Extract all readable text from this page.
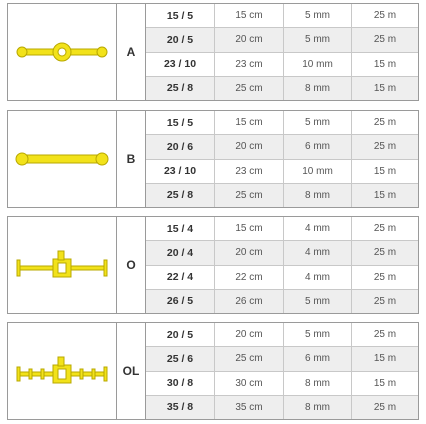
A
15 / 5	15 cm	5 mm	25 m
20 / 5	20 cm	5 mm	25 m
23 / 10	23 cm	10 mm	15 m
25 / 8	25 cm	8 mm	15 m
B
15 / 5	15 cm	5 mm	25 m
20 / 6	20 cm	6 mm	25 m
23 / 10	23 cm	10 mm	15 m
25 / 8	25 cm	8 mm	15 m
O
15 / 4	15 cm	4 mm	25 m
20 / 4	20 cm	4 mm	25 m
22 / 4	22 cm	4 mm	25 m
26 / 5	26 cm	5 mm	25 m
OL
20 / 5	20 cm	5 mm	25 m
25 / 6	25 cm	6 mm	15 m
30 / 8	30 cm	8 mm	15 m
35 / 8	35 cm	8 mm	25 m
